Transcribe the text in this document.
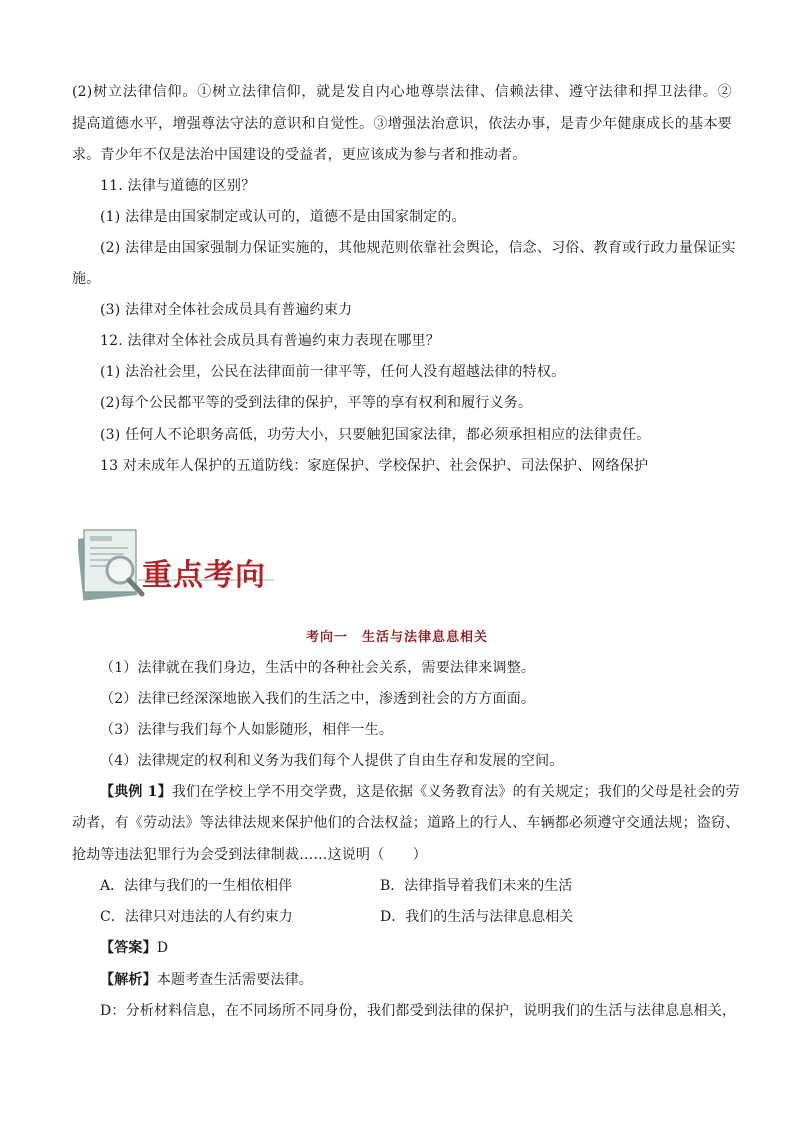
(2)树立法律信仰。①树立法律信仰，就是发自内心地尊崇法律、信赖法律、遵守法律和捍卫法律。②
提高道德水平，增强尊法守法的意识和自觉性。③增强法治意识，依法办事，是青少年健康成长的基本要
求。青少年不仅是法治中国建设的受益者，更应该成为参与者和推动者。
11. 法律与道德的区别？
(1) 法律是由国家制定或认可的，道德不是由国家制定的。
(2) 法律是由国家强制力保证实施的，其他规范则依靠社会舆论，信念、习俗、教育或行政力量保证实
施。
(3) 法律对全体社会成员具有普遍约束力
12. 法律对全体社会成员具有普遍约束力表现在哪里？
(1) 法治社会里，公民在法律面前一律平等，任何人没有超越法律的特权。
(2)每个公民都平等的受到法律的保护，平等的享有权利和履行义务。
(3) 任何人不论职务高低，功劳大小，只要触犯国家法律，都必须承担相应的法律责任。
13 对未成年人保护的五道防线：家庭保护、学校保护、社会保护、司法保护、网络保护
重点考向
考向一　生活与法律息息相关
（1）法律就在我们身边，生活中的各种社会关系，需要法律来调整。
（2）法律已经深深地嵌入我们的生活之中，渗透到社会的方方面面。
（3）法律与我们每个人如影随形，相伴一生。
（4）法律规定的权利和义务为我们每个人提供了自由生存和发展的空间。
【典例 1】我们在学校上学不用交学费，这是依据《义务教育法》的有关规定；我们的父母是社会的劳
动者，有《劳动法》等法律法规来保护他们的合法权益；道路上的行人、车辆都必须遵守交通法规；盗窃、
抢劫等违法犯罪行为会受到法律制裁……这说明（　　）
A．法律与我们的一生相依相伴	B．法律指导着我们未来的生活
C．法律只对违法的人有约束力	D．我们的生活与法律息息相关
【答案】D
【解析】本题考查生活需要法律。
D：分析材料信息，在不同场所不同身份，我们都受到法律的保护，说明我们的生活与法律息息相关，
